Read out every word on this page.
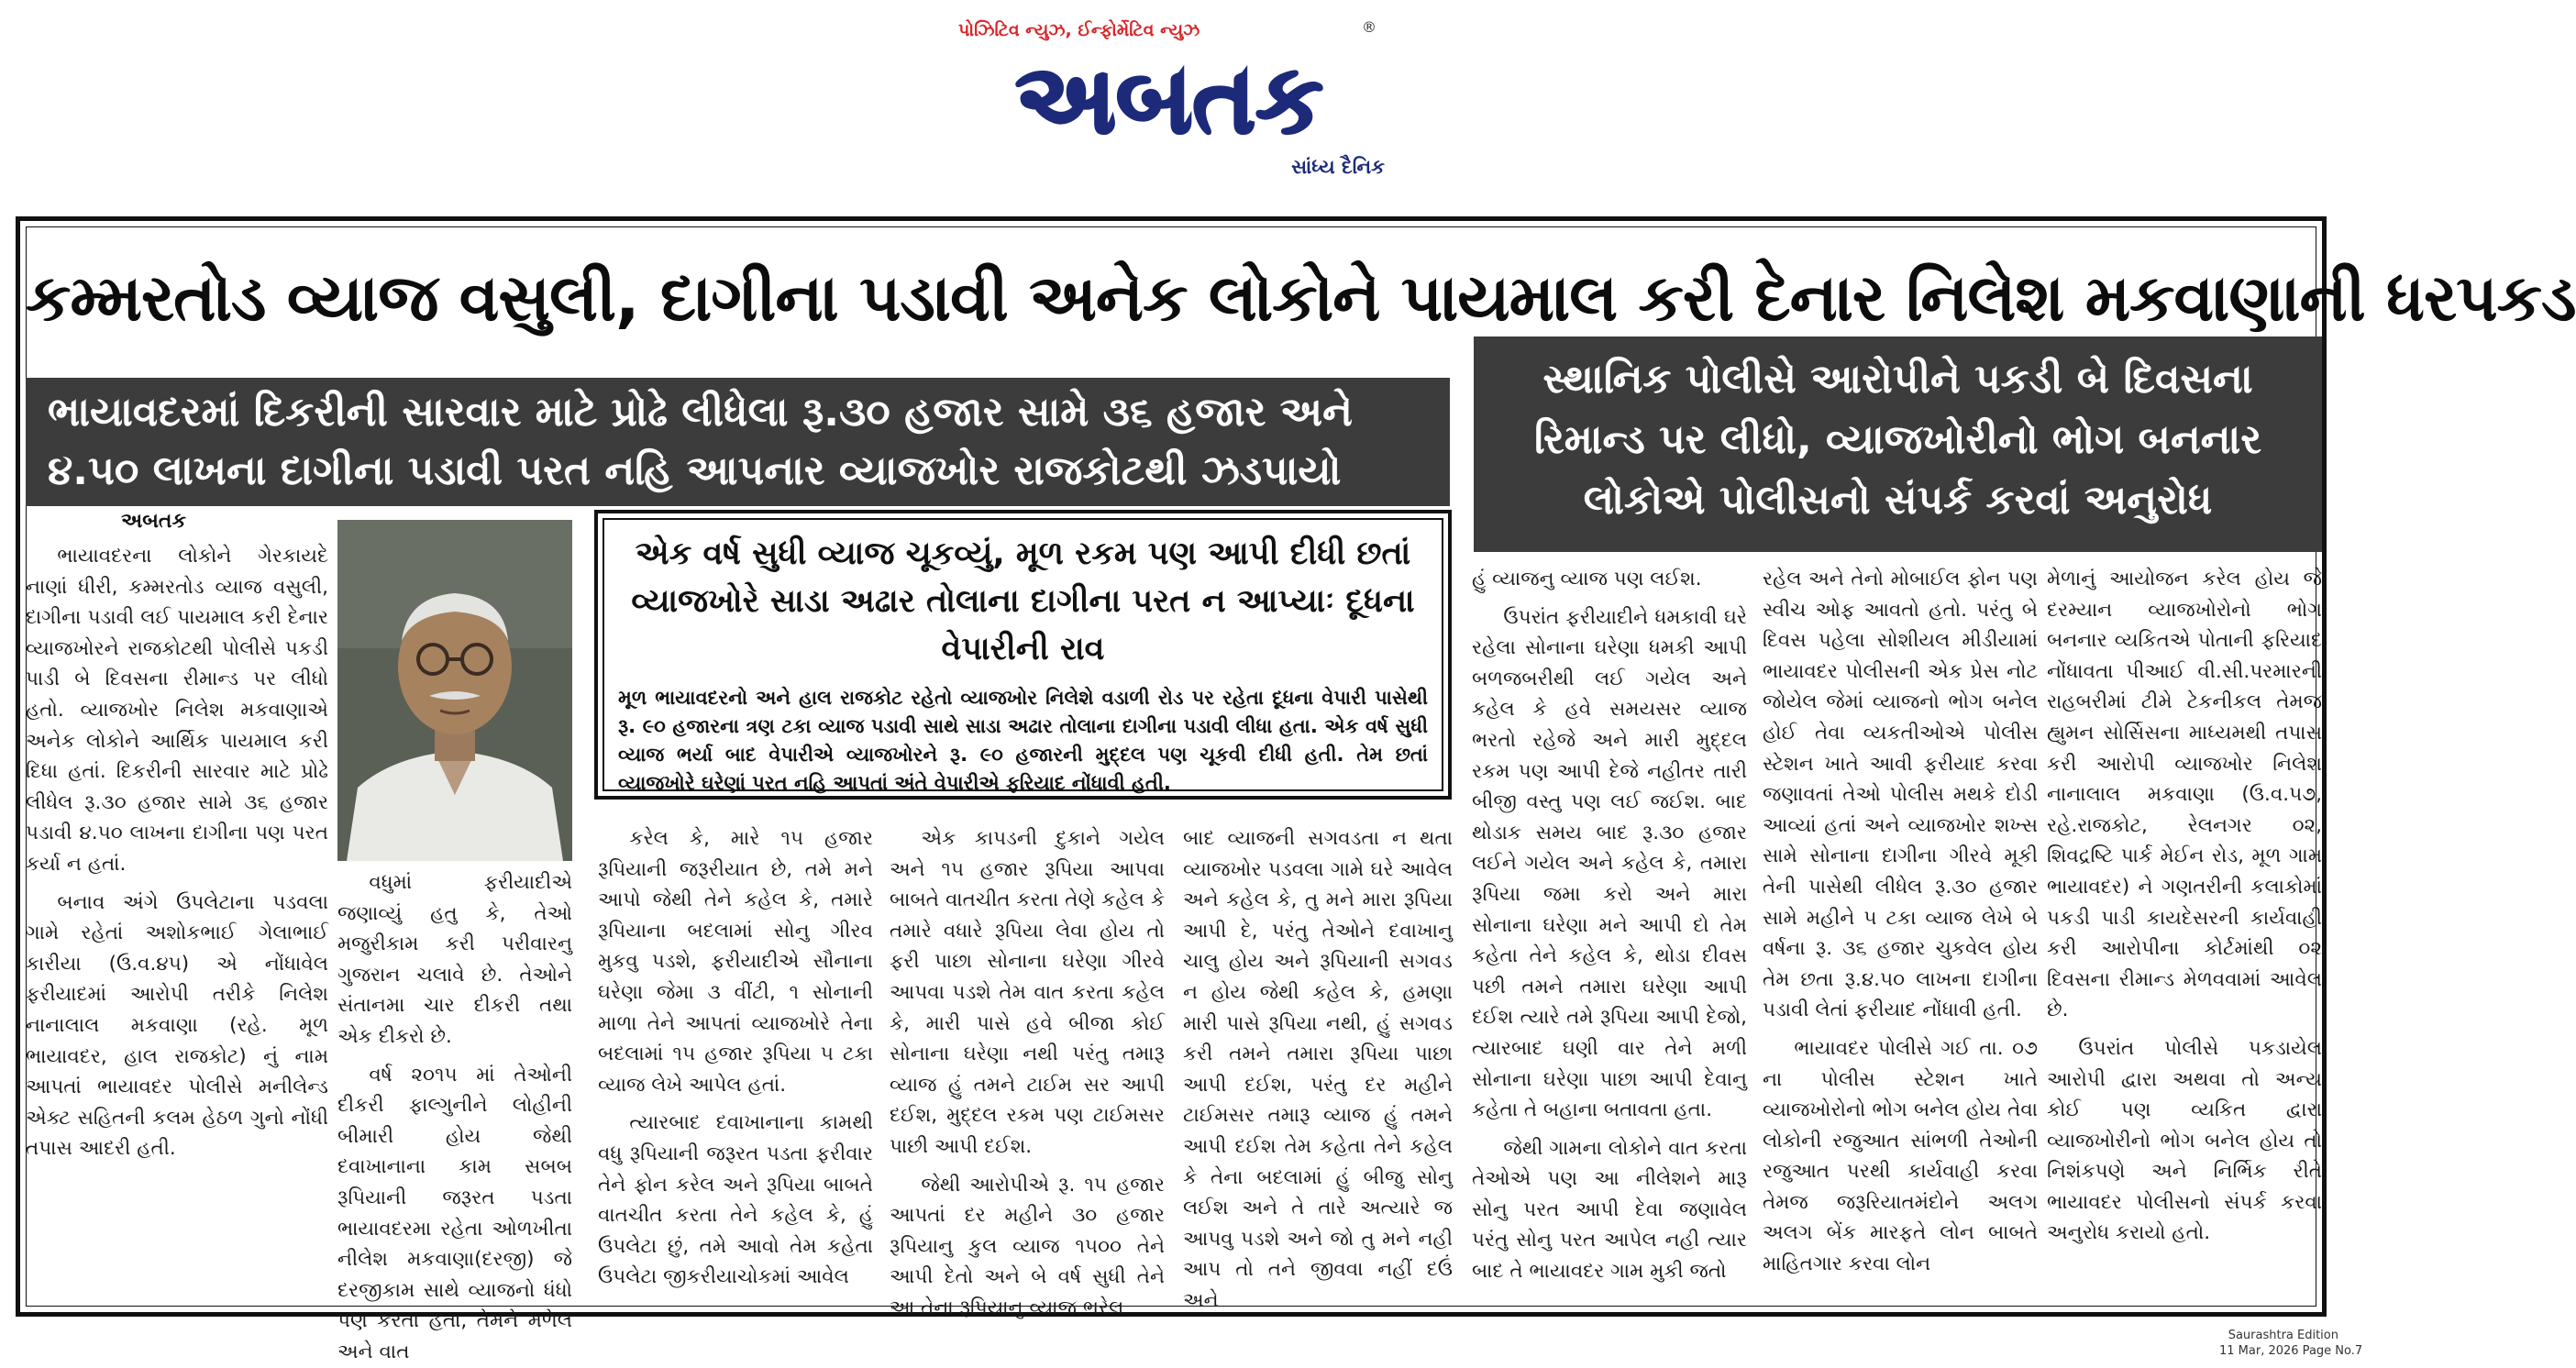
પોઝિટિવ ન્યુઝ, ઈન્ફોર્મેટિવ ન્યુઝ
અબતક
®
સાંધ્ય દૈનિક
કમ્મરતોડ વ્યાજ વસુલી, દાગીના પડાવી અનેક લોકોને પાયમાલ કરી દેનાર નિલેશ મકવાણાની ધરપકડ
ભાયાવદરમાં દિકરીની સારવાર માટે પ્રોઢે લીધેલા રૂ.૩૦ હજાર સામે ૩૬ હજાર અને ૪.૫૦ લાખના દાગીના પડાવી પરત નહિ આપનાર વ્યાજખોર રાજકોટથી ઝડપાયો
સ્થાનિક પોલીસે આરોપીને પકડી બે દિવસના રિમાન્ડ પર લીધો, વ્યાજખોરીનો ભોગ બનનાર લોકોએ પોલીસનો સંપર્ક કરવાં અનુરોધ
અબતક

ભાયાવદરના લોકોને ગેરકાયદે નાણાં ધીરી, કમ્મરતોડ વ્યાજ વસુલી, દાગીના પડાવી લઈ પાયમાલ કરી દેનાર વ્યાજખોરને રાજકોટથી પોલીસે પકડી પાડી બે દિવસના રીમાન્ડ પર લીધો હતો. વ્યાજખોર નિલેશ મકવાણાએ અનેક લોકોને આર્થિક પાયમાલ કરી દિધા હતાં. દિકરીની સારવાર માટે પ્રોઢે લીધેલ રૂ.૩૦ હજાર સામે ૩૬ હજાર પડાવી ૪.૫૦ લાખના દાગીના પણ પરત કર્યા ન હતાં.

બનાવ અંગે ઉપલેટાના પડવલા ગામે રહેતાં અશોકભાઈ ગેલાભાઈ કારીયા (ઉ.વ.૪૫) એ નોંધાવેલ ફરીયાદમાં આરોપી તરીકે નિલેશ નાનાલાલ મકવાણા (રહે. મૂળ ભાયાવદર, હાલ રાજકોટ) નું નામ આપતાં ભાયાવદર પોલીસે મનીલેન્ડ એક્ટ સહિતની કલમ હેઠળ ગુનો નોંધી તપાસ આદરી હતી.

વધુમાં ફરીયાદીએ જણાવ્યું હતુ કે, તેઓ મજુરીકામ કરી પરીવારનુ ગુજરાન ચલાવે છે. તેઓને સંતાનમા ચાર દીકરી તથા એક દીકરો છે.

વર્ષ ૨૦૧૫ માં તેઓની દીકરી ફાલ્ગુનીને લોહીની બીમારી હોય જેથી દવાખાનાના કામ સબબ રૂપિયાની જરૂરત પડતા ભાયાવદરમા રહેતા ઓળખીતા નીલેશ મકવાણા(દરજી) જે દરજીકામ સાથે વ્યાજનો ધંધો પણ કરતા હતા, તેમને મળેલ અને વાત

એક વર્ષ સુધી વ્યાજ ચૂકવ્યું, મૂળ રકમ પણ આપી દીધી છતાં વ્યાજખોરે સાડા અઢાર તોલાના દાગીના પરત ન આપ્યાઃ દૂધના વેપારીની રાવ
મૂળ ભાયાવદરનો અને હાલ રાજકોટ રહેતો વ્યાજખોર નિલેશે વડાળી રોડ પર રહેતા દૂધના વેપારી પાસેથી રૂ. ૯૦ હજારના ત્રણ ટકા વ્યાજ પડાવી સાથે સાડા અઢાર તોલાના દાગીના પડાવી લીધા હતા. એક વર્ષ સુધી વ્યાજ ભર્યા બાદ વેપારીએ વ્યાજખોરને રૂ. ૯૦ હજારની મુદ્દલ પણ ચૂકવી દીધી હતી. તેમ છતાં વ્યાજખોરે ઘરેણાં પરત નહિ આપતાં અંતે વેપારીએ ફરિયાદ નોંધાવી હતી.

કરેલ કે, મારે ૧૫ હજાર રૂપિયાની જરૂરીયાત છે, તમે મને આપો જેથી તેને કહેલ કે, તમારે રૂપિયાના બદલામાં સોનુ ગીરવ મુકવુ પડશે, ફરીયાદીએ સૌનાના ઘરેણા જેમા ૩ વીંટી, ૧ સોનાની માળા તેને આપતાં વ્યાજખોરે તેના બદલામાં ૧૫ હજાર રૂપિયા ૫ ટકા વ્યાજ લેખે આપેલ હતાં.

ત્યારબાદ દવાખાનાના કામથી વધુ રૂપિયાની જરૂરત પડતા ફરીવાર તેને ફોન કરેલ અને રૂપિયા બાબતે વાતચીત કરતા તેને કહેલ કે, હું ઉપલેટા છું, તમે આવો તેમ કહેતા ઉપલેટા જીકરીયાચોકમાં આવેલ

એક કાપડની દુકાને ગયેલ અને ૧૫ હજાર રૂપિયા આપવા બાબતે વાતચીત કરતા તેણે કહેલ કે તમારે વધારે રૂપિયા લેવા હોય તો ફરી પાછા સોનાના ઘરેણા ગીરવે આપવા પડશે તેમ વાત કરતા કહેલ કે, મારી પાસે હવે બીજા કોઈ સોનાના ઘરેણા નથી પરંતુ તમારૂ વ્યાજ હું તમને ટાઈમ સર આપી દઈશ, મુદ્દલ રકમ પણ ટાઈમસર પાછી આપી દઈશ.

જેથી આરોપીએ રૂ. ૧૫ હજાર આપતાં દર મહીને ૩૦ હજાર રૂપિયાનુ કુલ વ્યાજ ૧૫૦૦ તેને આપી દેતો અને બે વર્ષ સુધી તેને આ તેના રૂપિયાનુ વ્યાજ ભરેલ

બાદ વ્યાજની સગવડતા ન થતા વ્યાજખોર પડવલા ગામે ઘરે આવેલ અને કહેલ કે, તુ મને મારા રૂપિયા આપી દે, પરંતુ તેઓને દવાખાનુ ચાલુ હોય અને રૂપિયાની સગવડ ન હોય જેથી કહેલ કે, હમણા મારી પાસે રૂપિયા નથી, હું સગવડ કરી તમને તમારા રૂપિયા પાછા આપી દઈશ, પરંતુ દર મહીને ટાઈમસર તમારૂ વ્યાજ હું તમને આપી દઈશ તેમ કહેતા તેને કહેલ કે તેના બદલામાં હું બીજુ સોનુ લઈશ અને તે તારે અત્યારે જ આપવુ પડશે અને જો તુ મને નહી આપ તો તને જીવવા નહીં દઉં અને

હું વ્યાજનુ વ્યાજ પણ લઈશ.

ઉપરાંત ફરીયાદીને ધમકાવી ઘરે રહેલા સોનાના ઘરેણા ધમકી આપી બળજબરીથી લઈ ગયેલ અને કહેલ કે હવે સમયસર વ્યાજ ભરતો રહેજે અને મારી મુદ્દલ રકમ પણ આપી દેજે નહીતર તારી બીજી વસ્તુ પણ લઈ જઈશ. બાદ થોડાક સમય બાદ રૂ.૩૦ હજાર લઈને ગયેલ અને કહેલ કે, તમારા રૂપિયા જમા કરો અને મારા સોનાના ઘરેણા મને આપી દો તેમ કહેતા તેને કહેલ કે, થોડા દીવસ પછી તમને તમારા ઘરેણા આપી દઈશ ત્યારે તમે રૂપિયા આપી દેજો, ત્યારબાદ ઘણી વાર તેને મળી સોનાના ઘરેણા પાછા આપી દેવાનુ કહેતા તે બહાના બતાવતા હતા.

જેથી ગામના લોકોને વાત કરતા તેઓએ પણ આ નીલેશને મારૂ સોનુ પરત આપી દેવા જણાવેલ પરંતુ સોનુ પરત આપેલ નહી ત્યાર બાદ તે ભાયાવદર ગામ મુકી જતો

રહેલ અને તેનો મોબાઈલ ફોન પણ સ્વીચ ઓફ આવતો હતો. પરંતુ બે દિવસ પહેલા સોશીયલ મીડીયામાં ભાયાવદર પોલીસની એક પ્રેસ નોટ જોયેલ જેમાં વ્યાજનો ભોગ બનેલ હોઈ તેવા વ્યકતીઓએ પોલીસ સ્ટેશન ખાતે આવી ફરીયાદ કરવા જણાવતાં તેઓ પોલીસ મથકે દોડી આવ્યાં હતાં અને વ્યાજખોર શખ્સ સામે સોનાના દાગીના ગીરવે મૂકી તેની પાસેથી લીધેલ રૂ.૩૦ હજાર સામે મહીને ૫ ટકા વ્યાજ લેખે બે વર્ષના રૂ. ૩૬ હજાર ચુકવેલ હોય તેમ છતા રૂ.૪.૫૦ લાખના દાગીના પડાવી લેતાં ફરીયાદ નોંધાવી હતી.

ભાયાવદર પોલીસે ગઈ તા. ૦૭ ના પોલીસ સ્ટેશન ખાતે વ્યાજખોરોનો ભોગ બનેલ હોય તેવા લોકોની રજુઆત સાંભળી તેઓની રજુઆત પરથી કાર્યવાહી કરવા તેમજ જરૂરિયાતમંદોને અલગ અલગ બેંક મારફતે લોન બાબતે માહિતગાર કરવા લોન

મેળાનું આયોજન કરેલ હોય જે દરમ્યાન વ્યાજખોરોનો ભોગ બનનાર વ્યકિતએ પોતાની ફરિયાદ નોંધાવતા પીઆઈ વી.સી.પરમારની રાહબરીમાં ટીમે ટેકનીકલ તેમજ હ્યુમન સોર્સિસના માધ્યમથી તપાસ કરી આરોપી વ્યાજખોર નિલેશ નાનાલાલ મકવાણા (ઉ.વ.૫૭, રહે.રાજકોટ, રેલનગર ૦૨, શિવદ્રષ્ટિ પાર્ક મેઈન રોડ, મૂળ ગામ ભાયાવદર) ને ગણતરીની કલાકોમાં પકડી પાડી કાયદેસરની કાર્યવાહી કરી આરોપીના કોર્ટમાંથી ૦૨ દિવસના રીમાન્ડ મેળવવામાં આવેલ છે.

ઉપરાંત પોલીસે પકડાયેલ આરોપી દ્વારા અથવા તો અન્ય કોઈ પણ વ્યકિત દ્વારા વ્યાજખોરીનો ભોગ બનેલ હોય તો નિશંકપણે અને નિર્ભિક રીતે ભાયાવદર પોલીસનો સંપર્ક કરવા અનુરોધ કરાયો હતો.

Saurashtra Edition
11 Mar, 2026 Page No.7
